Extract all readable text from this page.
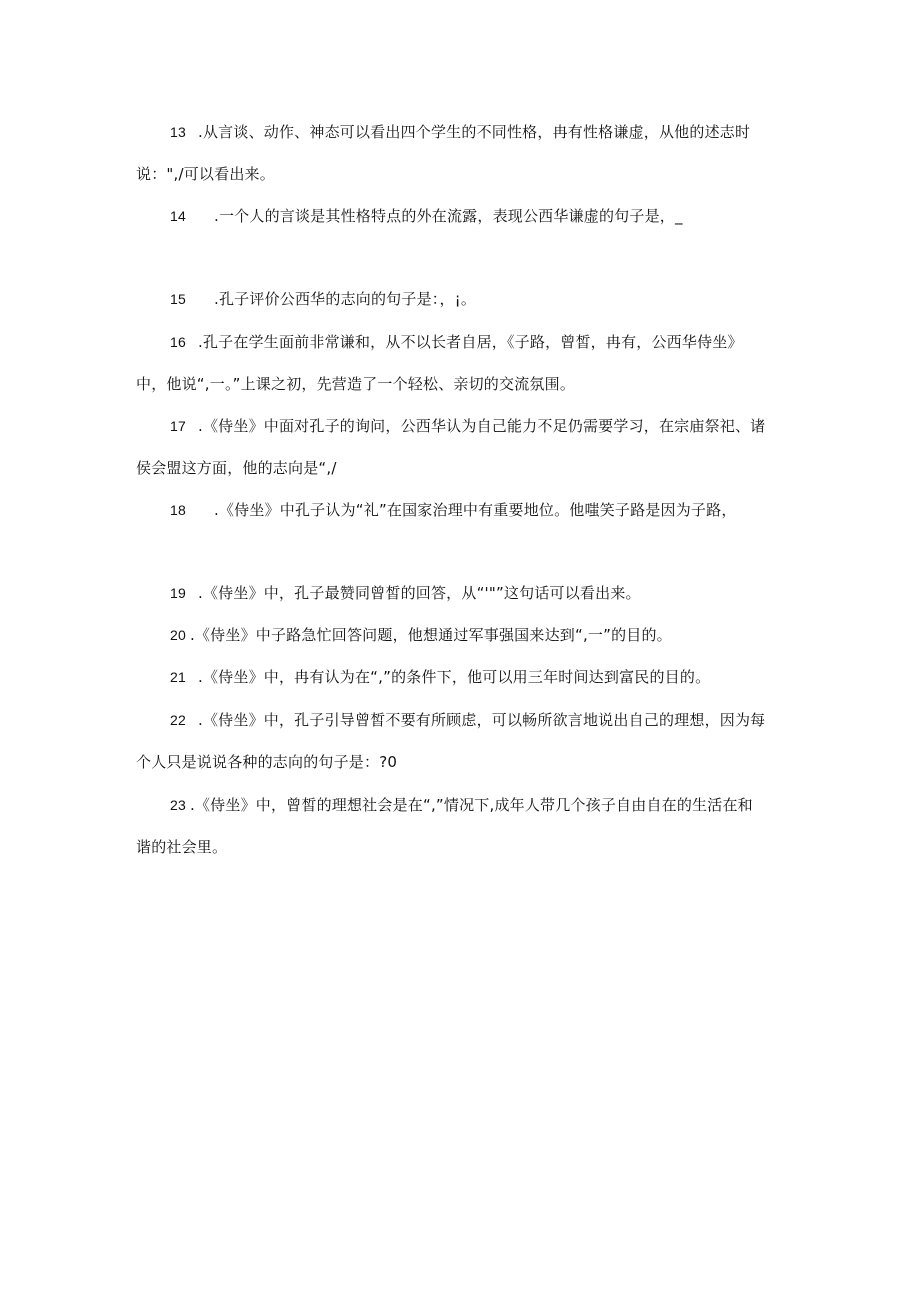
13 .从言谈、动作、神态可以看出四个学生的不同性格，冉有性格谦虚，从他的述志时
说：",/可以看出来。
14 .一个人的言谈是其性格特点的外在流露，表现公西华谦虚的句子是，_
15 .孔子评价公西华的志向的句子是：，¡。
16 .孔子在学生面前非常谦和，从不以长者自居，《子路，曾皙，冉有，公西华侍坐》
中，他说“,一。”上课之初，先营造了一个轻松、亲切的交流氛围。
17 .《侍坐》中面对孔子的询问，公西华认为自己能力不足仍需要学习，在宗庙祭祀、诸
侯会盟这方面，他的志向是“,/
18 .《侍坐》中孔子认为“礼”在国家治理中有重要地位。他嗤笑子路是因为子路，
19 .《侍坐》中，孔子最赞同曾皙的回答，从“'"”这句话可以看出来。
20 .《侍坐》中子路急忙回答问题，他想通过军事强国来达到“,一”的目的。
21 .《侍坐》中，冉有认为在“,”的条件下，他可以用三年时间达到富民的目的。
22 .《侍坐》中，孔子引导曾皙不要有所顾虑，可以畅所欲言地说出自己的理想，因为每
个人只是说说各种的志向的句子是：?0
23 .《侍坐》中，曾皙的理想社会是在“,”情况下,成年人带几个孩子自由自在的生活在和
谐的社会里。
